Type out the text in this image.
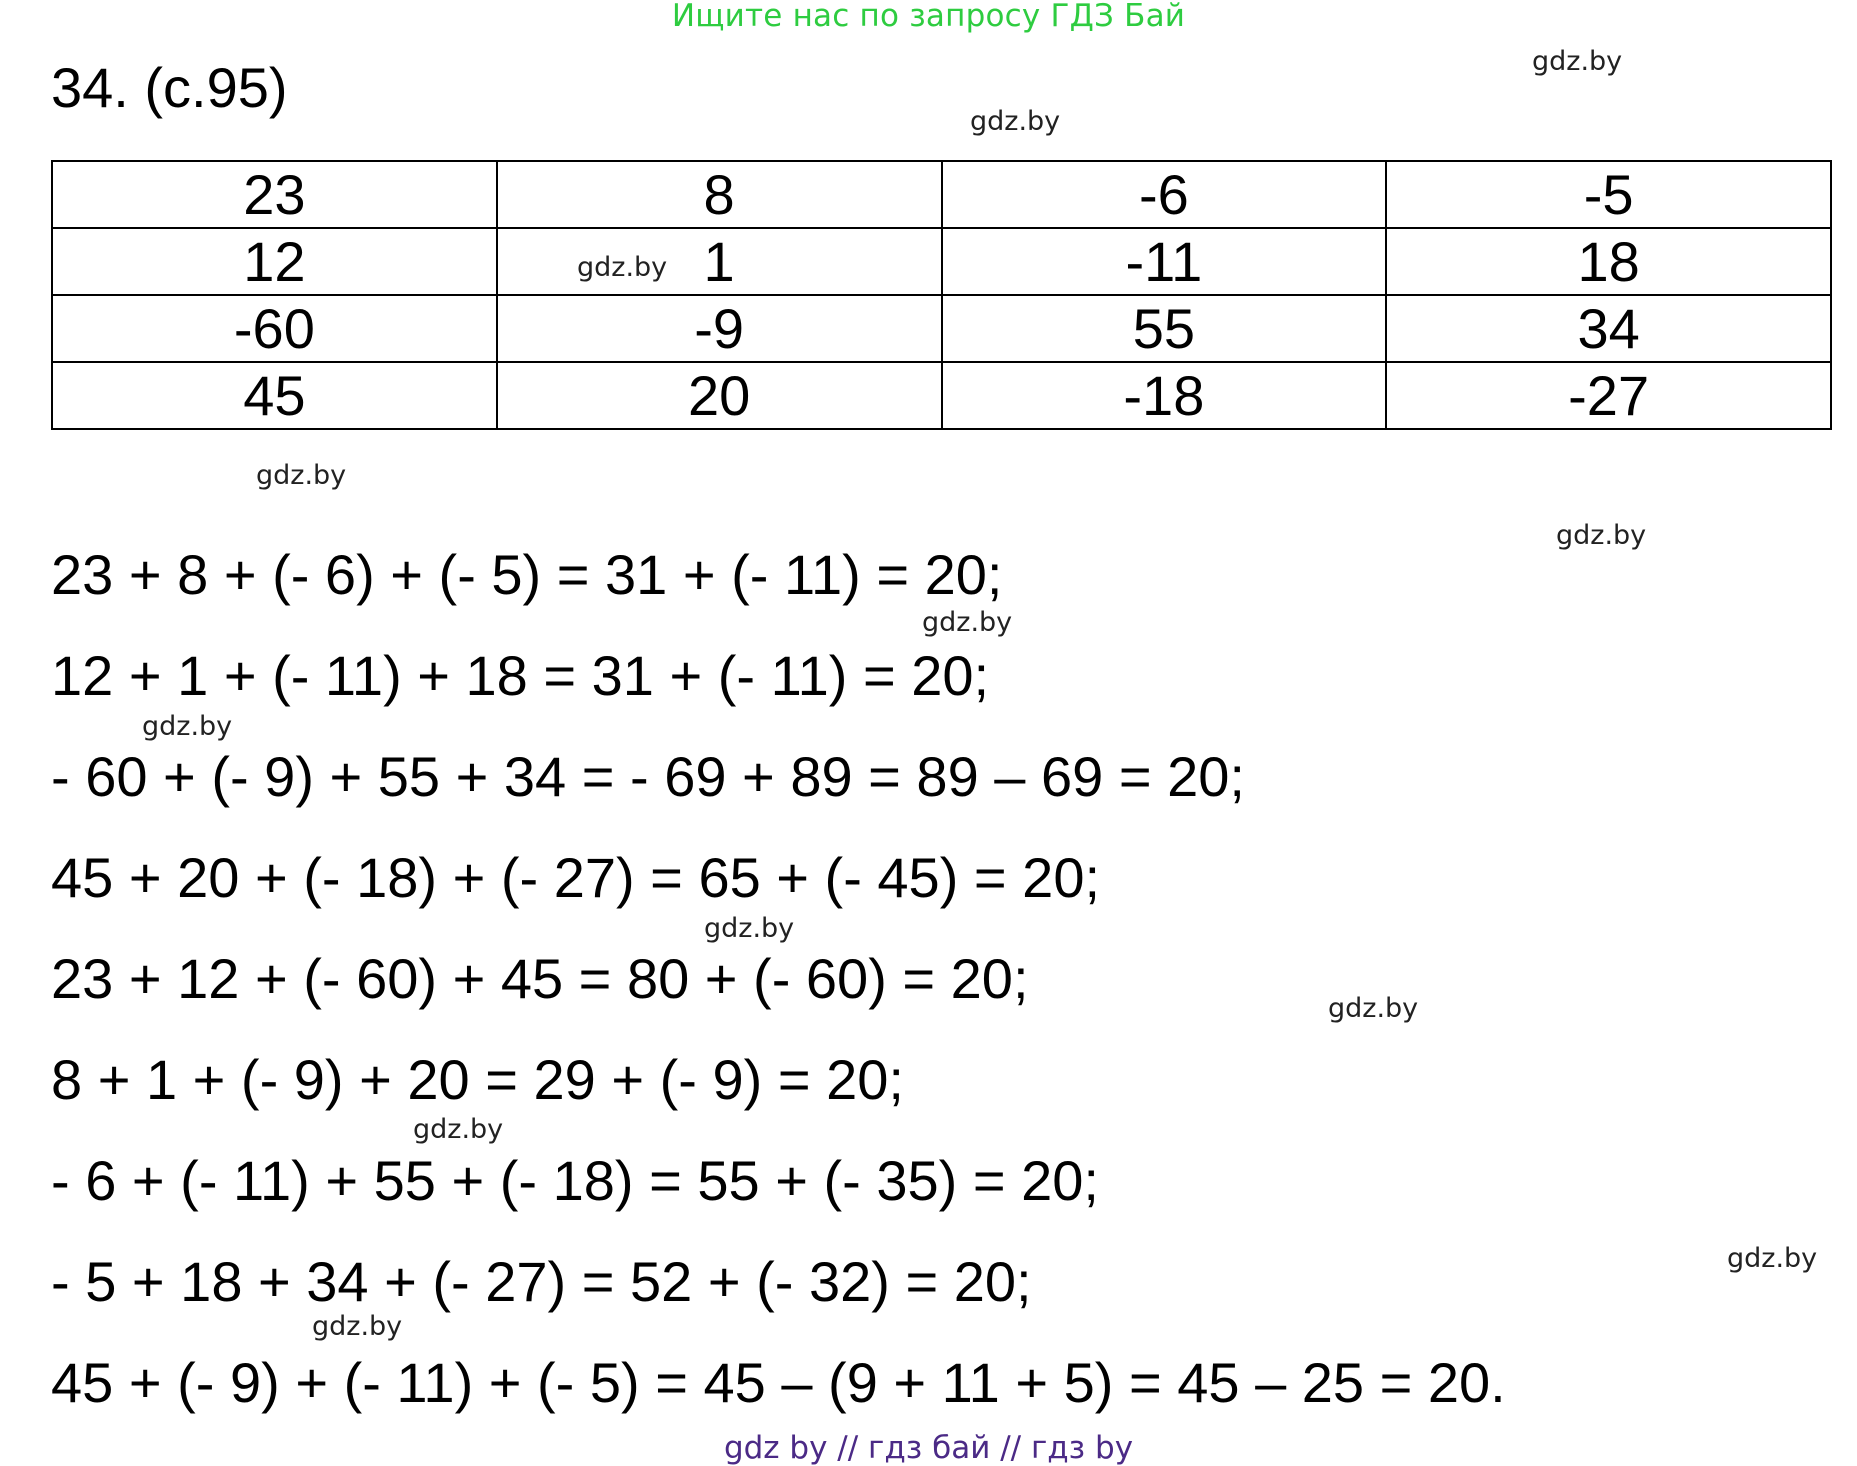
Ищите нас по запросу ГДЗ Бай
34. (с.95)
23	8	-6	-5
12	1	-11	18
-60	-9	55	34
45	20	-18	-27
23 + 8 + (- 6) + (- 5) = 31 + (- 11) = 20;
12 + 1 + (- 11) + 18 = 31 + (- 11) = 20;
- 60 + (- 9) + 55 + 34 = - 69 + 89 = 89 – 69 = 20;
45 + 20 + (- 18) + (- 27) = 65 + (- 45) = 20;
23 + 12 + (- 60) + 45 = 80 + (- 60) = 20;
8 + 1 + (- 9) + 20 = 29 + (- 9) = 20;
- 6 + (- 11) + 55 + (- 18) = 55 + (- 35) = 20;
- 5 + 18 + 34 + (- 27) = 52 + (- 32) = 20;
45 + (- 9) + (- 11) + (- 5) = 45 – (9 + 11 + 5) = 45 – 25 = 20.
gdz.by
gdz.by
gdz.by
gdz.by
gdz.by
gdz.by
gdz.by
gdz.by
gdz.by
gdz.by
gdz.by
gdz.by
gdz by // гдз бай // гдз by
